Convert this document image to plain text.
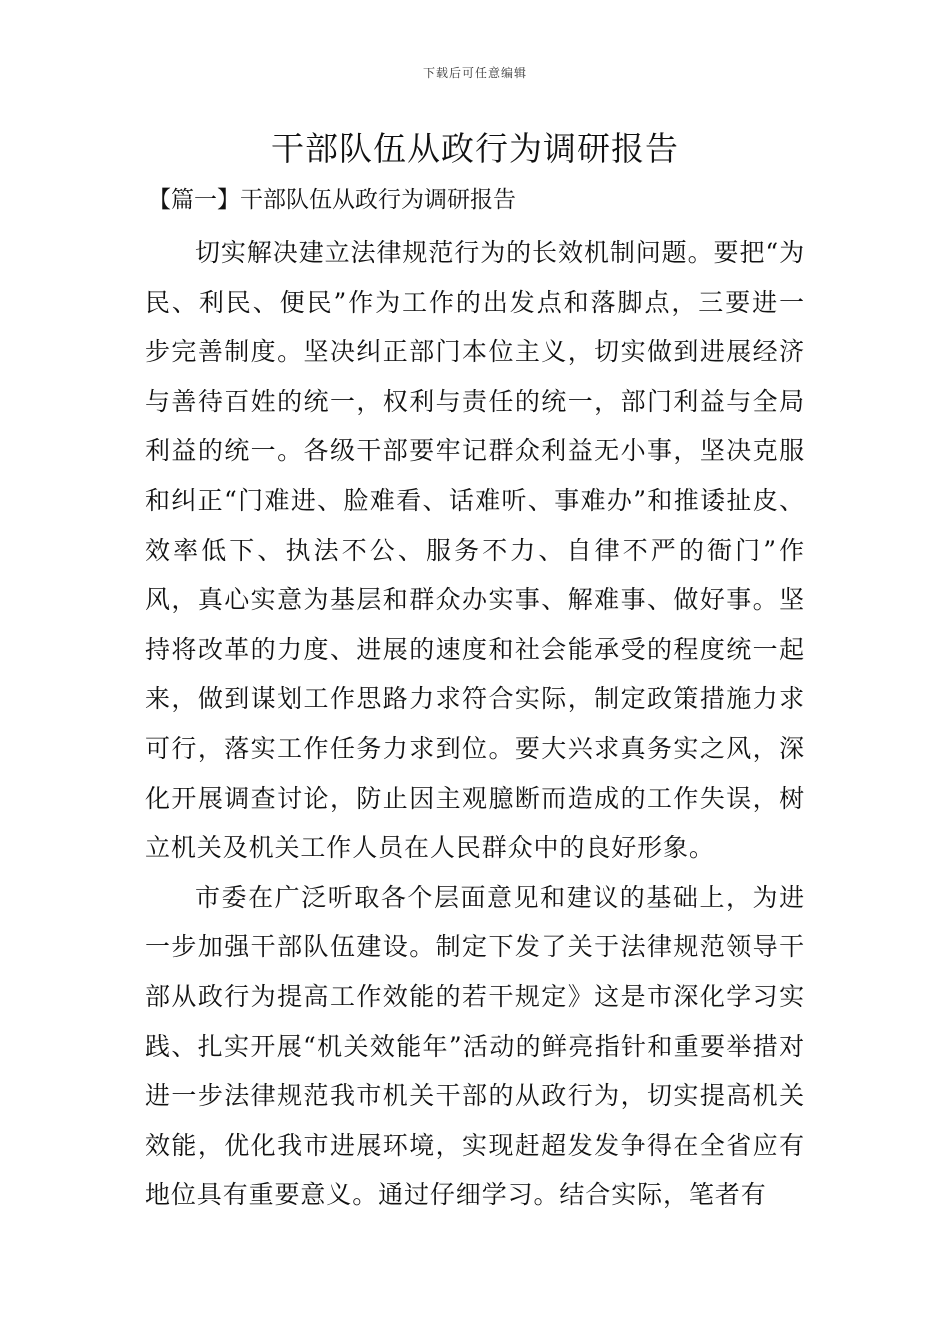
下载后可任意编辑
干部队伍从政行为调研报告
【篇一】干部队伍从政行为调研报告

切实解决建立法律规范行为的长效机制问题。要把“为民、利民、便民”作为工作的出发点和落脚点，三要进一步完善制度。坚决纠正部门本位主义，切实做到进展经济与善待百姓的统一，权利与责任的统一，部门利益与全局利益的统一。各级干部要牢记群众利益无小事，坚决克服和纠正“门难进、脸难看、话难听、事难办”和推诿扯皮、效率低下、执法不公、服务不力、自律不严的衙门”作风，真心实意为基层和群众办实事、解难事、做好事。坚持将改革的力度、进展的速度和社会能承受的程度统一起来，做到谋划工作思路力求符合实际，制定政策措施力求可行，落实工作任务力求到位。要大兴求真务实之风，深化开展调查讨论，防止因主观臆断而造成的工作失误，树立机关及机关工作人员在人民群众中的良好形象。

市委在广泛听取各个层面意见和建议的基础上，为进一步加强干部队伍建设。制定下发了关于法律规范领导干部从政行为提高工作效能的若干规定》这是市深化学习实践、扎实开展“机关效能年”活动的鲜亮指针和重要举措对进一步法律规范我市机关干部的从政行为，切实提高机关效能，优化我市进展环境，实现赶超发发争得在全省应有地位具有重要意义。通过仔细学习。结合实际，笔者有
